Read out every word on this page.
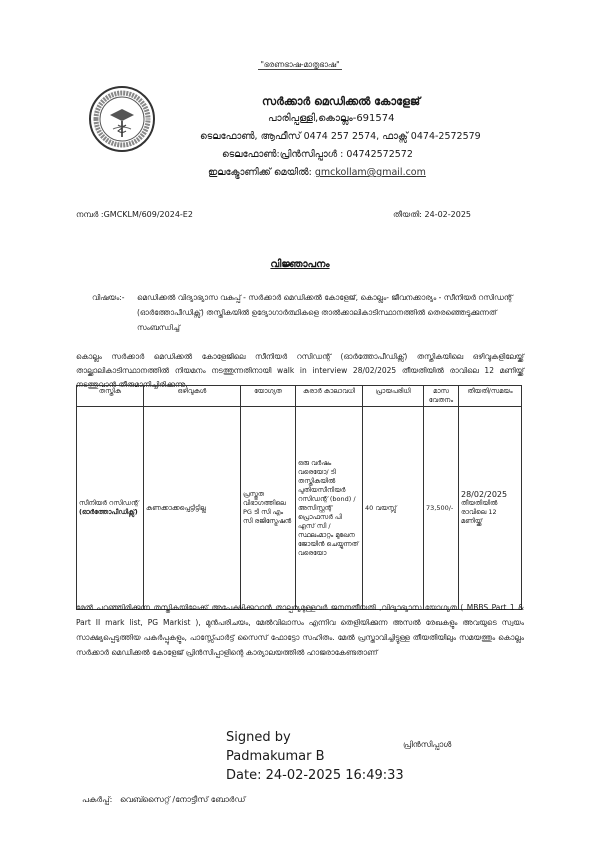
"ഭരണഭാഷ-മാതൃഭാഷ"
സർക്കാർ മെഡിക്കൽ കോളേജ്
പാരിപ്പള്ളി,കൊല്ലം-691574
ടെലഫോൺ, ആഫീസ് 0474 257 2574, ഫാക്സ് 0474-2572579
ടെലഫോൺ:പ്രിൻസിപ്പാൾ : 04742572572
ഇലക്ട്രോണിക്ക് മെയിൽ: gmckollam@gmail.com
നമ്പർ :GMCKLM/609/2024-E2	തീയതി: 24-02-2025
വിജ്ഞാപനം
വിഷയം:- മെഡിക്കൽ വിദ്യാഭ്യാസ വകുപ്പ് - സർക്കാർ മെഡിക്കൽ കോളേജ്, കൊല്ലം- ജീവനക്കാര്യം - സീനിയർ റസിഡന്റ് (ഓർത്തോപീഡിക്സ്) തസ്തികയിൽ ഉദ്യോഗാർത്ഥികളെ താൽക്കാലികാടിസ്ഥാനത്തിൽ തെരഞ്ഞെടുക്കുന്നത് സംബന്ധിച്ച്
കൊല്ലം സർക്കാർ മെഡിക്കൽ കോളേജിലെ സീനിയർ റസിഡന്റ് (ഓർത്തോപീഡിക്സ്) തസ്തികയിലെ ഒഴിവുകളിലേയ്ക്ക് താല്ക്കാലികാടിസ്ഥാനത്തിൽ നിയമനം നടത്തുന്നതിനായി walk in interview 28/02/2025 തീയതിയിൽ രാവിലെ 12 മണിയ്ക്ക് നടത്തുവാൻ തീരുമാനിച്ചിരിക്കുന്നു.
തസ്തിക	ഒഴിവുകൾ	യോഗ്യത	കരാർ കാലാവധി	പ്രായപരിധി	മാസ വേതനം	തീയതി/സമയം
സീനിയർ റസിഡന്റ്
(ഓർത്തോപീഡിക്സ്)	കണക്കാക്കപ്പെട്ടിട്ടില്ല	പ്രസ്തുത വിഭാഗത്തിലെ PG ടി സി എം സി രജിസ്ട്രേഷൻ	ഒരു വർഷം വരെയോ/ ടി തസ്തികയിൽ പുതിയസീനിയർ റസിഡന്റ് (bond) /അസിസ്റ്റന്റ് പ്രൊഫസർ പി എസ് സി /സ്ഥലംമാറ്റം മുഖേന ജോയിൻ ചെയ്യുന്നത് വരെയോ	40 വയസ്സ്	73,500/-	28/02/2025
തീയതിയിൽ രാവിലെ 12 മണിയ്ക്ക്
മേൽ പറഞ്ഞിരിക്കുന്ന തസ്തികയിലേക്ക് അപേക്ഷിക്കുവാൻ താല്പര്യമുള്ളവർ ജനനതീയതി ,വിദ്യാഭ്യാസ യോഗ്യത ( MBBS Part 1 & Part II mark list, PG Markist ), മുൻപരിചയം, മേൽവിലാസം എന്നിവ തെളിയിക്കുന്ന അസൽ രേഖകളും അവയുടെ സ്വയം സാക്ഷ്യപ്പെടുത്തിയ പകർപ്പുകളും, പാസ്സ്പോർട്ട് സൈസ് ഫോട്ടോ സഹിതം. മേൽ പ്രസ്താവിച്ചിട്ടുള്ള തീയതിയിലും സമയത്തും കൊല്ലം സർക്കാർ മെഡിക്കൽ കോളേജ് പ്രിൻസിപ്പാളിന്റെ കാര്യാലയത്തിൽ ഹാജരാകേണ്ടതാണ്
Signed by
Padmakumar B
Date: 24-02-2025 16:49:33
പ്രിൻസിപ്പാൾ
പകർപ്പ്: വെബ്സൈറ്റ് /നോട്ടീസ് ബോർഡ്
